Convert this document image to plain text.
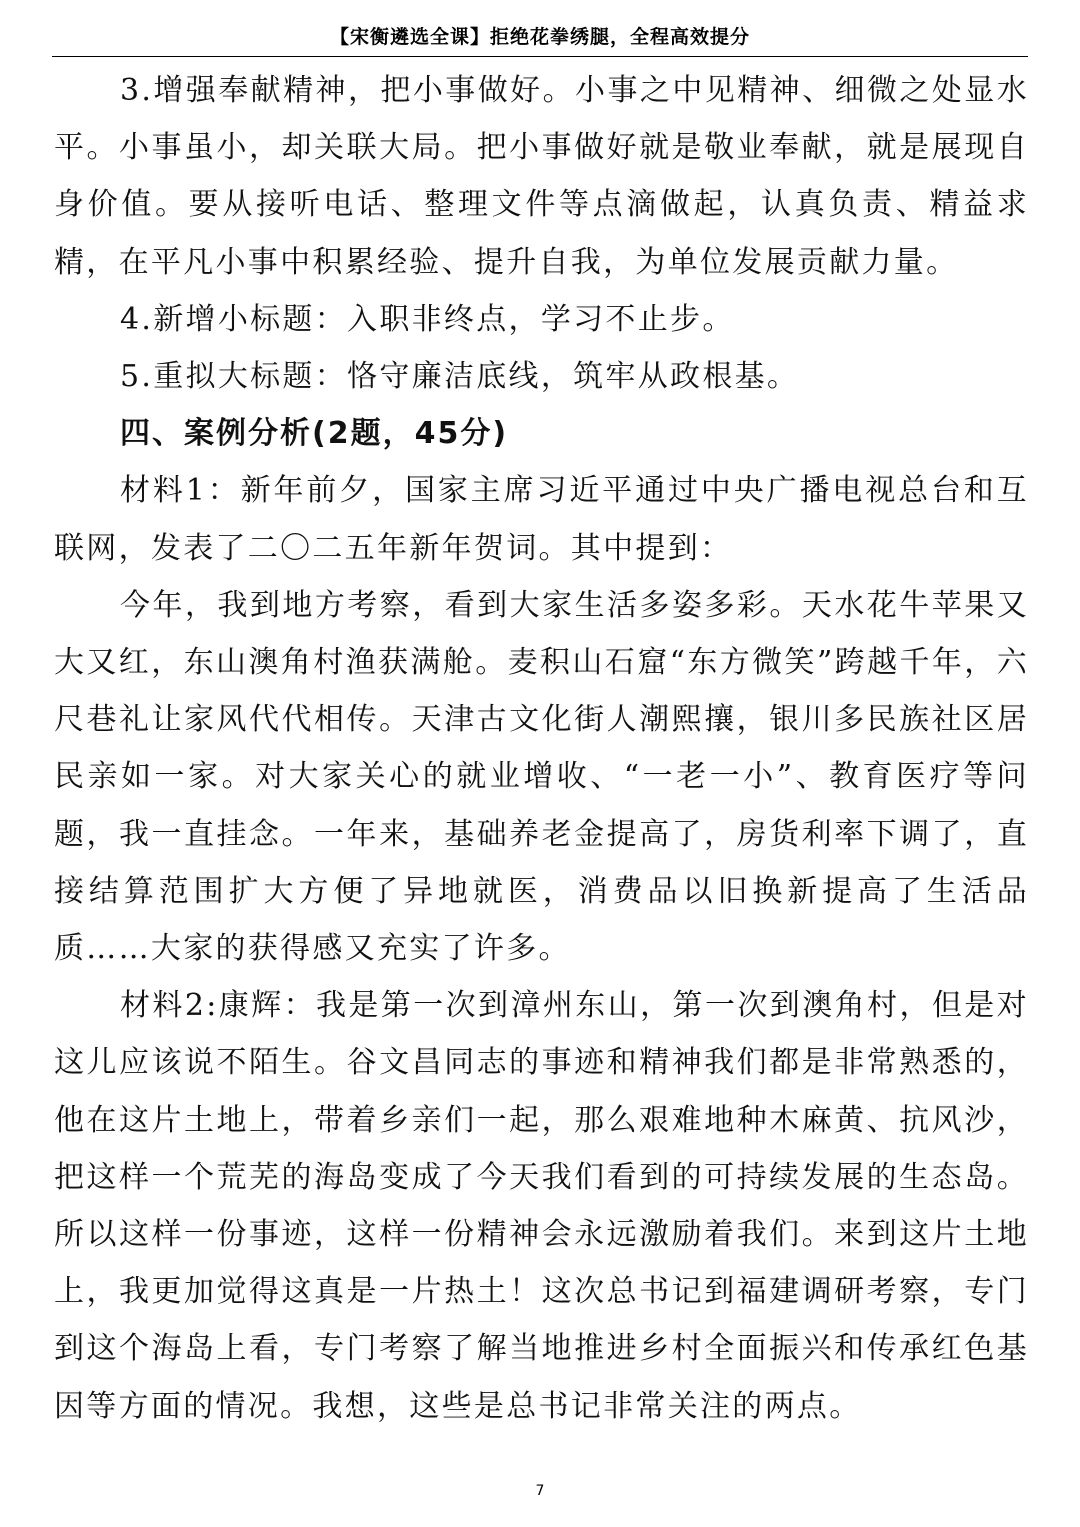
【宋衡遴选全课】拒绝花拳绣腿，全程高效提分

3.增强奉献精神，把小事做好。小事之中见精神、细微之处显水平。小事虽小，却关联大局。把小事做好就是敬业奉献，就是展现自身价值。要从接听电话、整理文件等点滴做起，认真负责、精益求精，在平凡小事中积累经验、提升自我，为单位发展贡献力量。

4.新增小标题：入职非终点，学习不止步。

5.重拟大标题：恪守廉洁底线，筑牢从政根基。

四、案例分析(2题，45分)

材料1：新年前夕，国家主席习近平通过中央广播电视总台和互联网，发表了二〇二五年新年贺词。其中提到：

今年，我到地方考察，看到大家生活多姿多彩。天水花牛苹果又大又红，东山澳角村渔获满舱。麦积山石窟“东方微笑”跨越千年，六尺巷礼让家风代代相传。天津古文化街人潮熙攘，银川多民族社区居民亲如一家。对大家关心的就业增收、“一老一小”、教育医疗等问题，我一直挂念。一年来，基础养老金提高了，房货利率下调了，直接结算范围扩大方便了异地就医，消费品以旧换新提高了生活品质……大家的获得感又充实了许多。

材料2:康辉：我是第一次到漳州东山，第一次到澳角村，但是对这儿应该说不陌生。谷文昌同志的事迹和精神我们都是非常熟悉的，他在这片土地上，带着乡亲们一起，那么艰难地种木麻黄、抗风沙，把这样一个荒芜的海岛变成了今天我们看到的可持续发展的生态岛。所以这样一份事迹，这样一份精神会永远激励着我们。来到这片土地上，我更加觉得这真是一片热土！这次总书记到福建调研考察，专门到这个海岛上看，专门考察了解当地推进乡村全面振兴和传承红色基因等方面的情况。我想，这些是总书记非常关注的两点。

7
